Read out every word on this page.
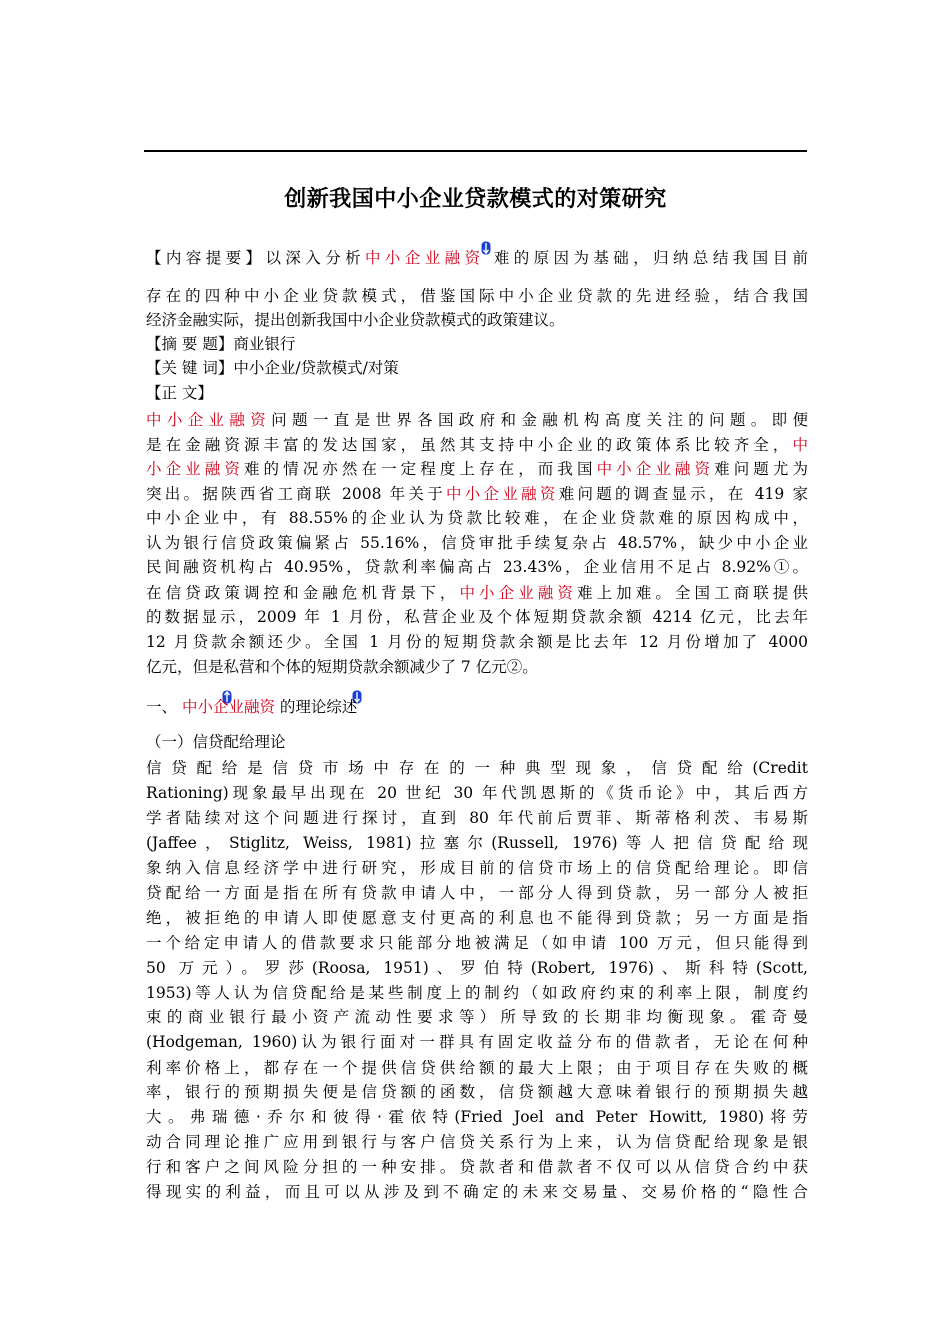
创新我国中小企业贷款模式的对策研究
【内容提要】以深入分析中小企业融资 难的原因为基础，归纳总结我国目前
存在的四种中小企业贷款模式，借鉴国际中小企业贷款的先进经验，结合我国
经济金融实际，提出创新我国中小企业贷款模式的政策建议。
【摘 要 题】商业银行
【关 键 词】中小企业/贷款模式/对策
【正 文】
中小企业融资问题一直是世界各国政府和金融机构高度关注的问题。即便
是在金融资源丰富的发达国家，虽然其支持中小企业的政策体系比较齐全，中
小企业融资难的情况亦然在一定程度上存在，而我国中小企业融资难问题尤为
突出。据陕西省工商联 2008 年关于中小企业融资难问题的调查显示，在 419 家
中小企业中，有 88.55%的企业认为贷款比较难，在企业贷款难的原因构成中，
认为银行信贷政策偏紧占 55.16%，信贷审批手续复杂占 48.57%，缺少中小企业
民间融资机构占 40.95%，贷款利率偏高占 23.43%，企业信用不足占 8.92%①。
在信贷政策调控和金融危机背景下，中小企业融资难上加难。全国工商联提供
的数据显示，2009 年 1 月份，私营企业及个体短期贷款余额 4214 亿元，比去年
12 月贷款余额还少。全国 1 月份的短期贷款余额是比去年 12 月份增加了 4000
亿元，但是私营和个体的短期贷款余额减少了 7 亿元②。
一、 中小企业融资 的理论综述
（一）信贷配给理论
信 贷 配 给 是 信 贷 市 场 中 存 在 的 一 种 典 型 现 象 ， 信 贷 配 给 (Credit
Rationing)现象最早出现在 20 世纪 30 年代凯恩斯的《货币论》中，其后西方
学者陆续对这个问题进行探讨，直到 80 年代前后贾菲、斯蒂格利茨、韦易斯
(Jaffee，Stiglitz, Weiss, 1981)拉塞尔(Russell, 1976)等人把信贷配给现
象纳入信息经济学中进行研究，形成目前的信贷市场上的信贷配给理论。即信
贷配给一方面是指在所有贷款申请人中，一部分人得到贷款，另一部分人被拒
绝，被拒绝的申请人即使愿意支付更高的利息也不能得到贷款；另一方面是指
一个给定申请人的借款要求只能部分地被满足（如申请 100 万元，但只能得到
50 万元）。罗莎(Roosa, 1951)、罗伯特(Robert, 1976)、斯科特(Scott,
1953)等人认为信贷配给是某些制度上的制约（如政府约束的利率上限，制度约
束的商业银行最小资产流动性要求等）所导致的长期非均衡现象。霍奇曼
(Hodgeman, 1960)认为银行面对一群具有固定收益分布的借款者，无论在何种
利率价格上，都存在一个提供信贷供给额的最大上限；由于项目存在失败的概
率，银行的预期损失便是信贷额的函数，信贷额越大意味着银行的预期损失越
大。弗瑞德·乔尔和彼得·霍依特(Fried Joel and Peter Howitt, 1980)将劳
动合同理论推广应用到银行与客户信贷关系行为上来，认为信贷配给现象是银
行和客户之间风险分担的一种安排。贷款者和借款者不仅可以从信贷合约中获
得现实的利益，而且可以从涉及到不确定的未来交易量、交易价格的“隐性合
